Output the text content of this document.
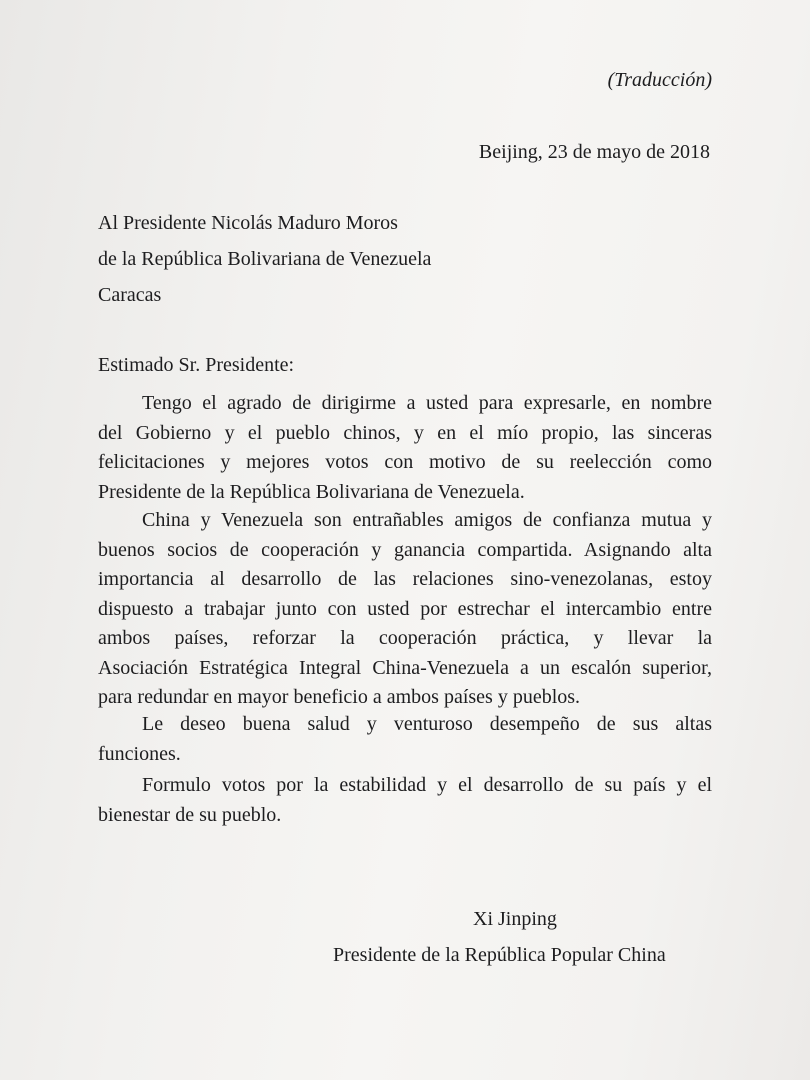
(Traducción)
Beijing, 23 de mayo de 2018
Al Presidente Nicolás Maduro Moros
de la República Bolivariana de Venezuela
Caracas
Estimado Sr. Presidente:
Tengo el agrado de dirigirme a usted para expresarle, en nombre
del Gobierno y el pueblo chinos, y en el mío propio, las sinceras
felicitaciones y mejores votos con motivo de su reelección como
Presidente de la República Bolivariana de Venezuela.
China y Venezuela son entrañables amigos de confianza mutua y
buenos socios de cooperación y ganancia compartida. Asignando alta
importancia al desarrollo de las relaciones sino-venezolanas, estoy
dispuesto a trabajar junto con usted por estrechar el intercambio entre
ambos países, reforzar la cooperación práctica, y llevar la
Asociación Estratégica Integral China-Venezuela a un escalón superior,
para redundar en mayor beneficio a ambos países y pueblos.
Le deseo buena salud y venturoso desempeño de sus altas
funciones.
Formulo votos por la estabilidad y el desarrollo de su país y el
bienestar de su pueblo.
Xi Jinping
Presidente de la República Popular China
